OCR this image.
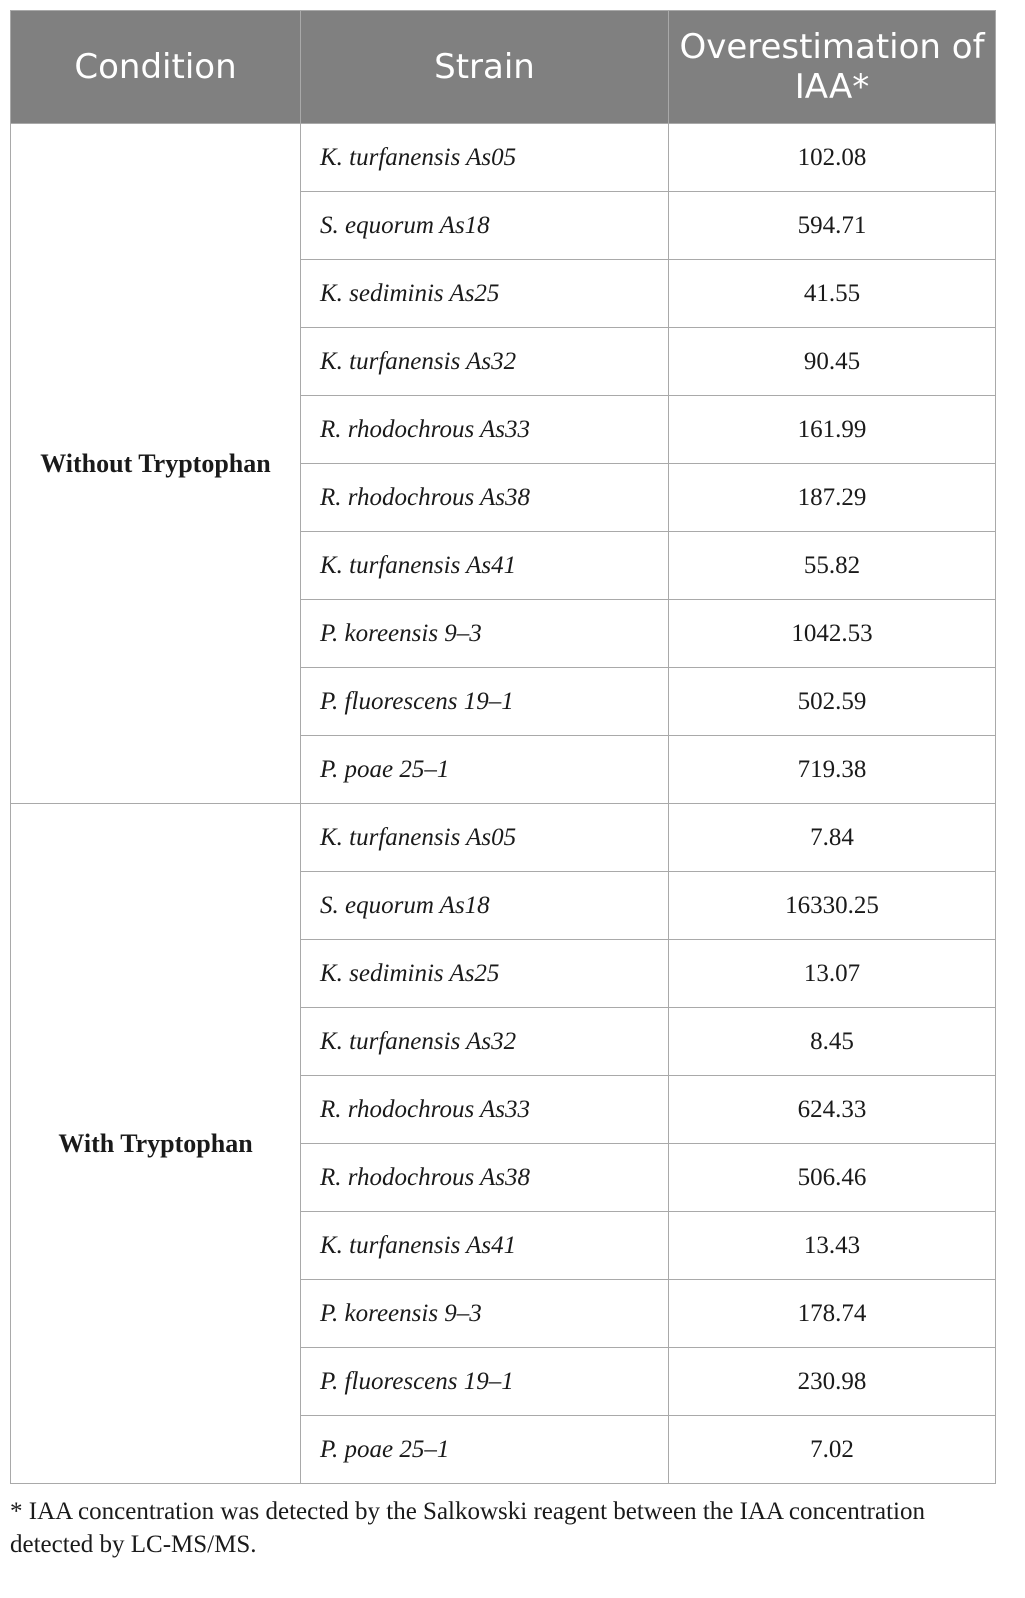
Condition	Strain	Overestimation of IAA*
Without Tryptophan	K. turfanensis As05	102.08
	S. equorum As18	594.71
	K. sediminis As25	41.55
	K. turfanensis As32	90.45
	R. rhodochrous As33	161.99
	R. rhodochrous As38	187.29
	K. turfanensis As41	55.82
	P. koreensis 9–3	1042.53
	P. fluorescens 19–1	502.59
	P. poae 25–1	719.38
With Tryptophan	K. turfanensis As05	7.84
	S. equorum As18	16330.25
	K. sediminis As25	13.07
	K. turfanensis As32	8.45
	R. rhodochrous As33	624.33
	R. rhodochrous As38	506.46
	K. turfanensis As41	13.43
	P. koreensis 9–3	178.74
	P. fluorescens 19–1	230.98
	P. poae 25–1	7.02
* IAA concentration was detected by the Salkowski reagent between the IAA concentration detected by LC-MS/MS.
